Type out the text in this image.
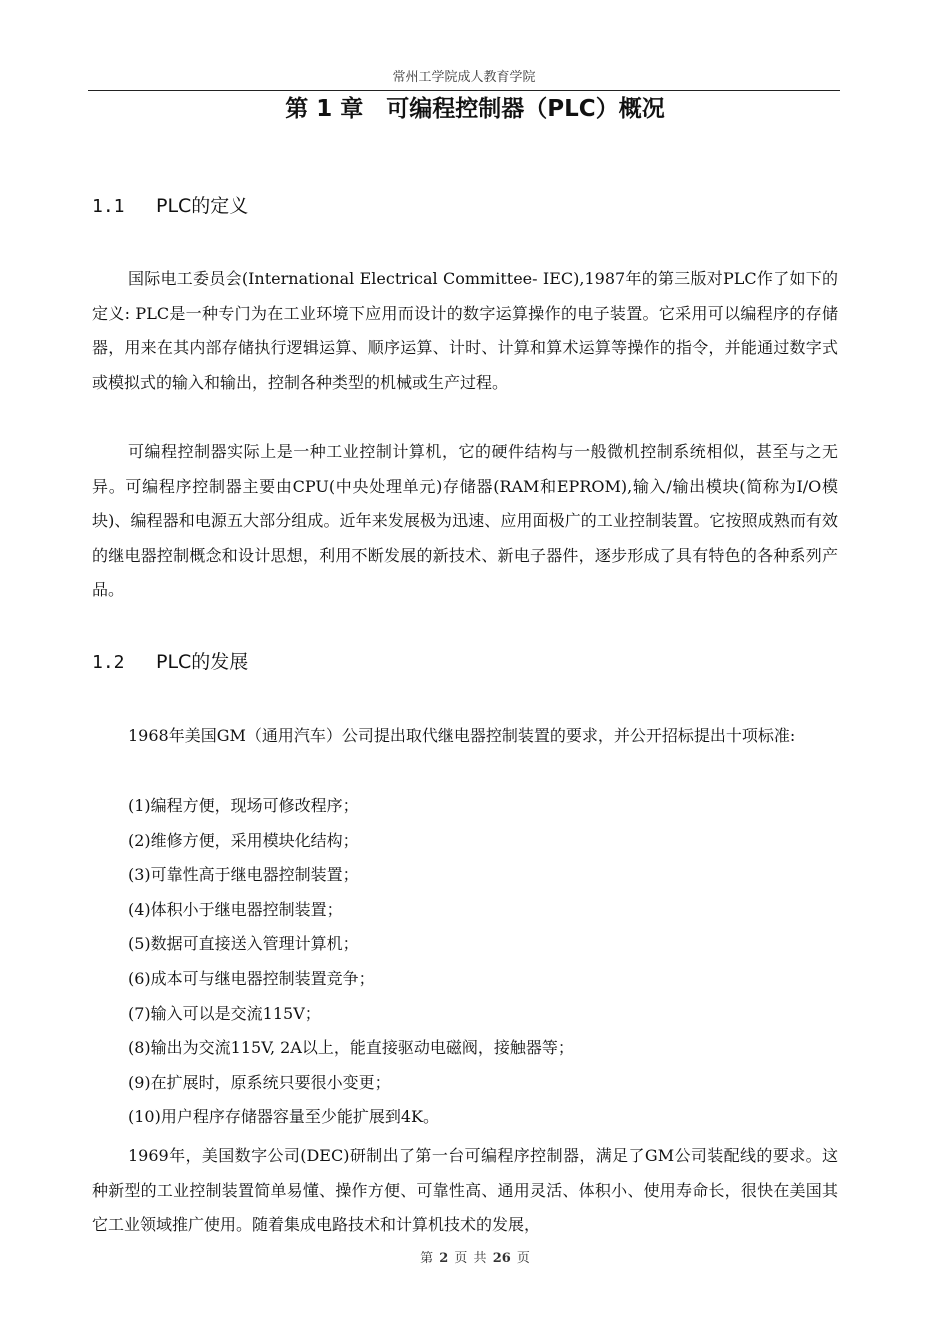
常州工学院成人教育学院
第 1 章　可编程控制器（PLC）概况
1.1 PLC的定义
国际电工委员会(International Electrical Committee- IEC),1987年的第三版对PLC作了如下的定义: PLC是一种专门为在工业环境下应用而设计的数字运算操作的电子装置。它采用可以编程序的存储器，用来在其内部存储执行逻辑运算、顺序运算、计时、计算和算术运算等操作的指令，并能通过数字式或模拟式的输入和输出，控制各种类型的机械或生产过程。
可编程控制器实际上是一种工业控制计算机，它的硬件结构与一般微机控制系统相似，甚至与之无异。可编程序控制器主要由CPU(中央处理单元)存储器(RAM和EPROM),输入/输出模块(简称为I/O模块)、编程器和电源五大部分组成。近年来发展极为迅速、应用面极广的工业控制装置。它按照成熟而有效的继电器控制概念和设计思想，利用不断发展的新技术、新电子器件，逐步形成了具有特色的各种系列产品。
1.2 PLC的发展
1968年美国GM（通用汽车）公司提出取代继电器控制装置的要求，并公开招标提出十项标准:
(1)编程方便，现场可修改程序；
(2)维修方便，采用模块化结构；
(3)可靠性高于继电器控制装置；
(4)体积小于继电器控制装置；
(5)数据可直接送入管理计算机；
(6)成本可与继电器控制装置竞争；
(7)输入可以是交流115V；
(8)输出为交流115V, 2A以上，能直接驱动电磁阀，接触器等；
(9)在扩展时，原系统只要很小变更；
(10)用户程序存储器容量至少能扩展到4K。
1969年，美国数字公司(DEC)研制出了第一台可编程序控制器，满足了GM公司装配线的要求。这种新型的工业控制装置简单易懂、操作方便、可靠性高、通用灵活、体积小、使用寿命长，很快在美国其它工业领域推广使用。随着集成电路技术和计算机技术的发展，
第 2 页 共 26 页
